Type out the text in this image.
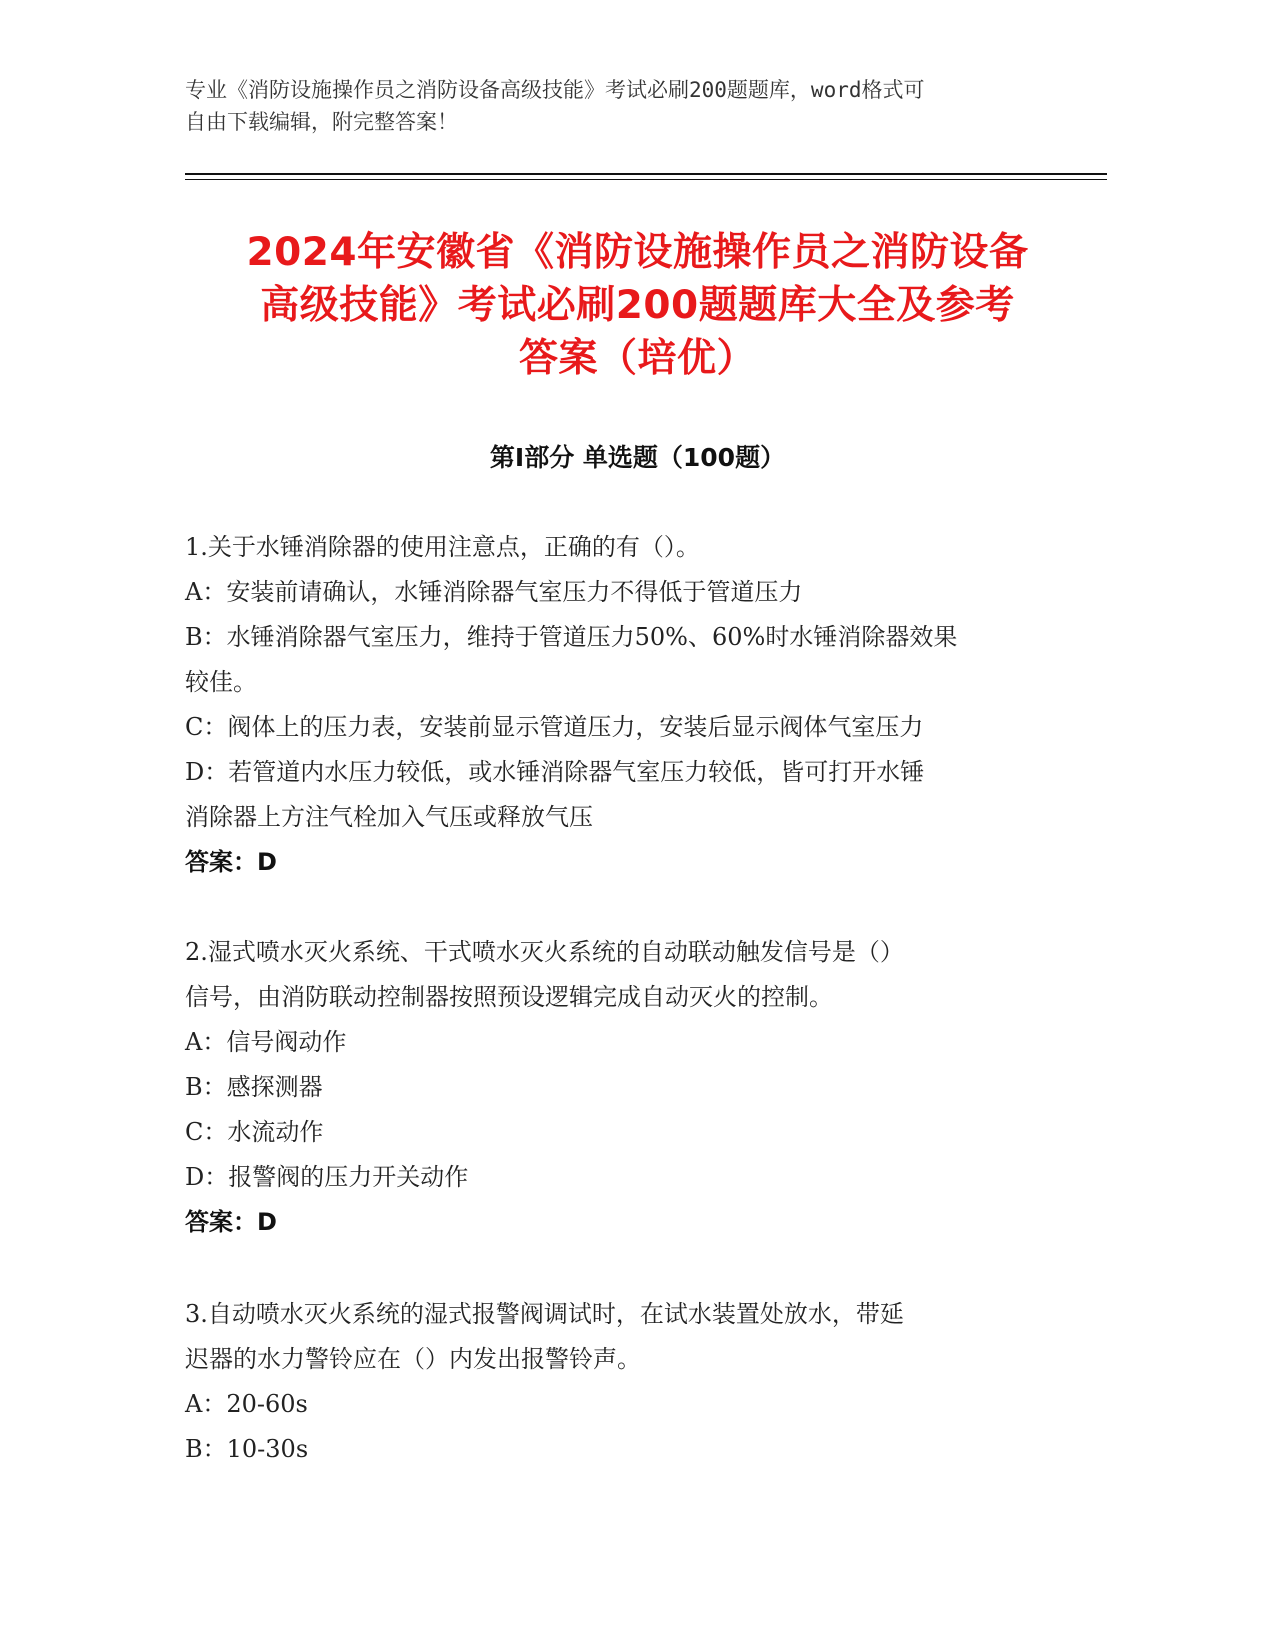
专业《消防设施操作员之消防设备高级技能》考试必刷200题题库，word格式可
自由下载编辑，附完整答案！
2024年安徽省《消防设施操作员之消防设备
高级技能》考试必刷200题题库大全及参考
答案（培优）
第I部分 单选题（100题）
1.关于水锤消除器的使用注意点，正确的有（）。
A：安装前请确认，水锤消除器气室压力不得低于管道压力
B：水锤消除器气室压力，维持于管道压力50%、60%时水锤消除器效果
较佳。
C：阀体上的压力表，安装前显示管道压力，安装后显示阀体气室压力
D：若管道内水压力较低，或水锤消除器气室压力较低，皆可打开水锤
消除器上方注气栓加入气压或释放气压
答案：D
2.湿式喷水灭火系统、干式喷水灭火系统的自动联动触发信号是（）
信号，由消防联动控制器按照预设逻辑完成自动灭火的控制。
A：信号阀动作
B：感探测器
C：水流动作
D：报警阀的压力开关动作
答案：D
3.自动喷水灭火系统的湿式报警阀调试时，在试水装置处放水，带延
迟器的水力警铃应在（）内发出报警铃声。
A：20-60s
B：10-30s
